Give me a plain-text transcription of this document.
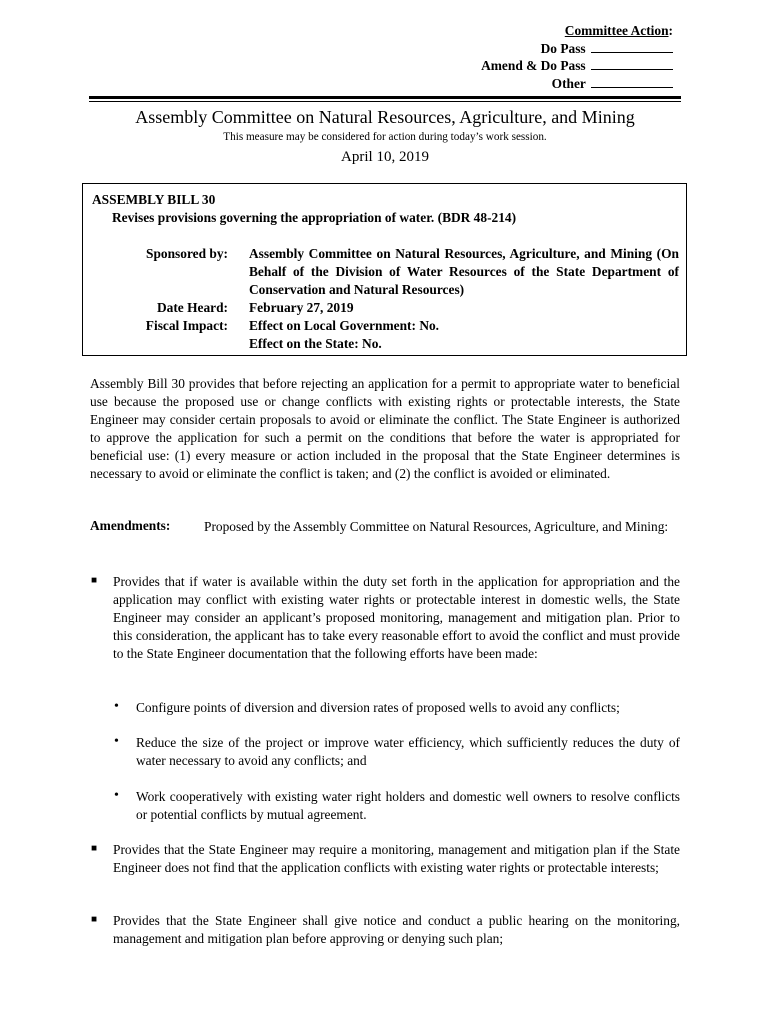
Committee Action :
Do Pass
Amend & Do Pass
Other
Assembly Committee on Natural Resources, Agriculture, and Mining
This measure may be considered for action during today’s work session.
April 10, 2019
ASSEMBLY BILL 30
Revises provisions governing the appropriation of water. (BDR 48-214)
Sponsored by: Assembly Committee on Natural Resources, Agriculture, and Mining (On Behalf of the Division of Water Resources of the State Department of Conservation and Natural Resources)
Date Heard: February 27, 2019
Fiscal Impact: Effect on Local Government: No.
Effect on the State: No.
Assembly Bill 30 provides that before rejecting an application for a permit to appropriate water to beneficial use because the proposed use or change conflicts with existing rights or protectable interests, the State Engineer may consider certain proposals to avoid or eliminate the conflict. The State Engineer is authorized to approve the application for such a permit on the conditions that before the water is appropriated for beneficial use: (1) every measure or action included in the proposal that the State Engineer determines is necessary to avoid or eliminate the conflict is taken; and (2) the conflict is avoided or eliminated.
Amendments:	Proposed by the Assembly Committee on Natural Resources, Agriculture, and Mining:
■ Provides that if water is available within the duty set forth in the application for appropriation and the application may conflict with existing water rights or protectable interest in domestic wells, the State Engineer may consider an applicant’s proposed monitoring, management and mitigation plan. Prior to this consideration, the applicant has to take every reasonable effort to avoid the conflict and must provide to the State Engineer documentation that the following efforts have been made:
• Configure points of diversion and diversion rates of proposed wells to avoid any conflicts;
• Reduce the size of the project or improve water efficiency, which sufficiently reduces the duty of water necessary to avoid any conflicts; and
• Work cooperatively with existing water right holders and domestic well owners to resolve conflicts or potential conflicts by mutual agreement.
■ Provides that the State Engineer may require a monitoring, management and mitigation plan if the State Engineer does not find that the application conflicts with existing water rights or protectable interests;
■ Provides that the State Engineer shall give notice and conduct a public hearing on the monitoring, management and mitigation plan before approving or denying such plan;
